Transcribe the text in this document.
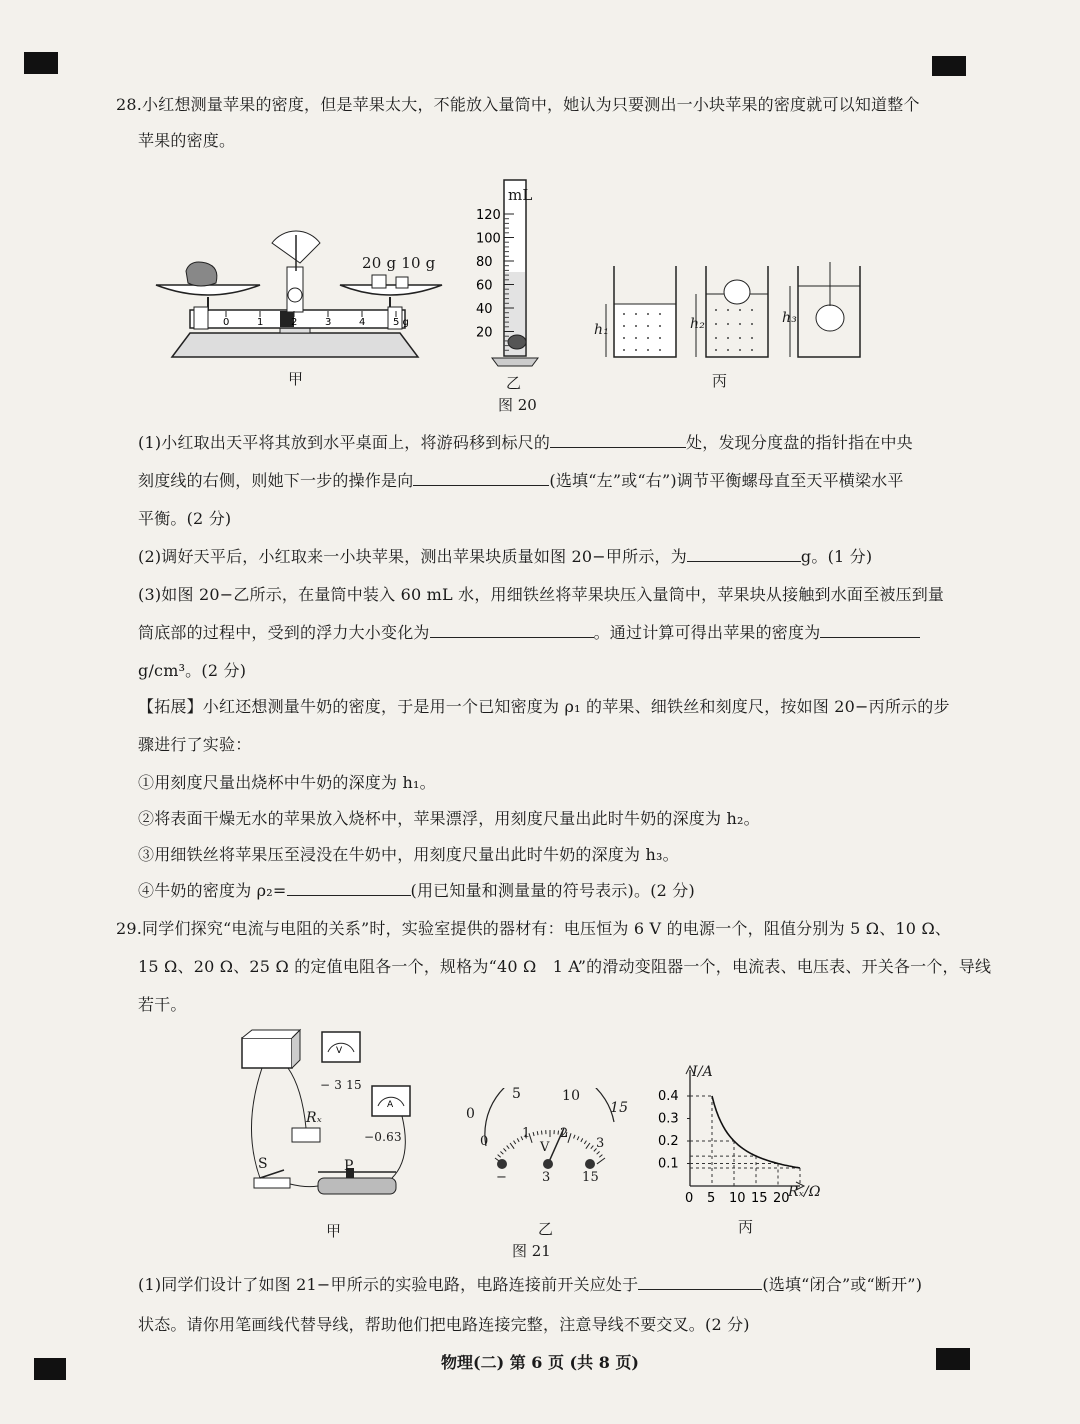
28.小红想测量苹果的密度，但是苹果太大，不能放入量筒中，她认为只要测出一小块苹果的密度就可以知道整个
苹果的密度。
0	1	2	3	4	5 g
20 g 10 g
甲
120
100
80
60
40
20
mL
乙
h₁	h₂	h₃
丙
图 20
(1)小红取出天平将其放到水平桌面上，将游码移到标尺的	处，发现分度盘的指针指在中央
刻度线的右侧，则她下一步的操作是向	(选填“左”或“右”)调节平衡螺母直至天平横梁水平
平衡。(2 分)
(2)调好天平后，小红取来一小块苹果，测出苹果块质量如图 20−甲所示，为	g。(1 分)
(3)如图 20−乙所示，在量筒中装入 60 mL 水，用细铁丝将苹果块压入量筒中，苹果块从接触到水面至被压到量
筒底部的过程中，受到的浮力大小变化为	。通过计算可得出苹果的密度为
g/cm³。(2 分)
【拓展】小红还想测量牛奶的密度，于是用一个已知密度为 ρ₁ 的苹果、细铁丝和刻度尺，按如图 20−丙所示的步
骤进行了实验：
①用刻度尺量出烧杯中牛奶的深度为 h₁。
②将表面干燥无水的苹果放入烧杯中，苹果漂浮，用刻度尺量出此时牛奶的深度为 h₂。
③用细铁丝将苹果压至浸没在牛奶中，用刻度尺量出此时牛奶的深度为 h₃。
④牛奶的密度为 ρ₂=	(用已知量和测量量的符号表示)。(2 分)
29.同学们探究“电流与电阻的关系”时，实验室提供的器材有：电压恒为 6 V 的电源一个，阻值分别为 5 Ω、10 Ω、
15 Ω、20 Ω、25 Ω 的定值电阻各一个，规格为“40 Ω　1 A”的滑动变阻器一个，电流表、电压表、开关各一个，导线
若干。
V
A
− 3 15
−0.63
Rₓ
S	P
甲
0
5	10
15
0
1 2
3
V
−	3 15
乙
图 21
0.1
0.2
0.3
0.4
0 5 10 15 20
I/A
Rₓ/Ω
丙
(1)同学们设计了如图 21−甲所示的实验电路，电路连接前开关应处于	(选填“闭合”或“断开”)
状态。请你用笔画线代替导线，帮助他们把电路连接完整，注意导线不要交叉。(2 分)
物理(二) 第 6 页 (共 8 页)
